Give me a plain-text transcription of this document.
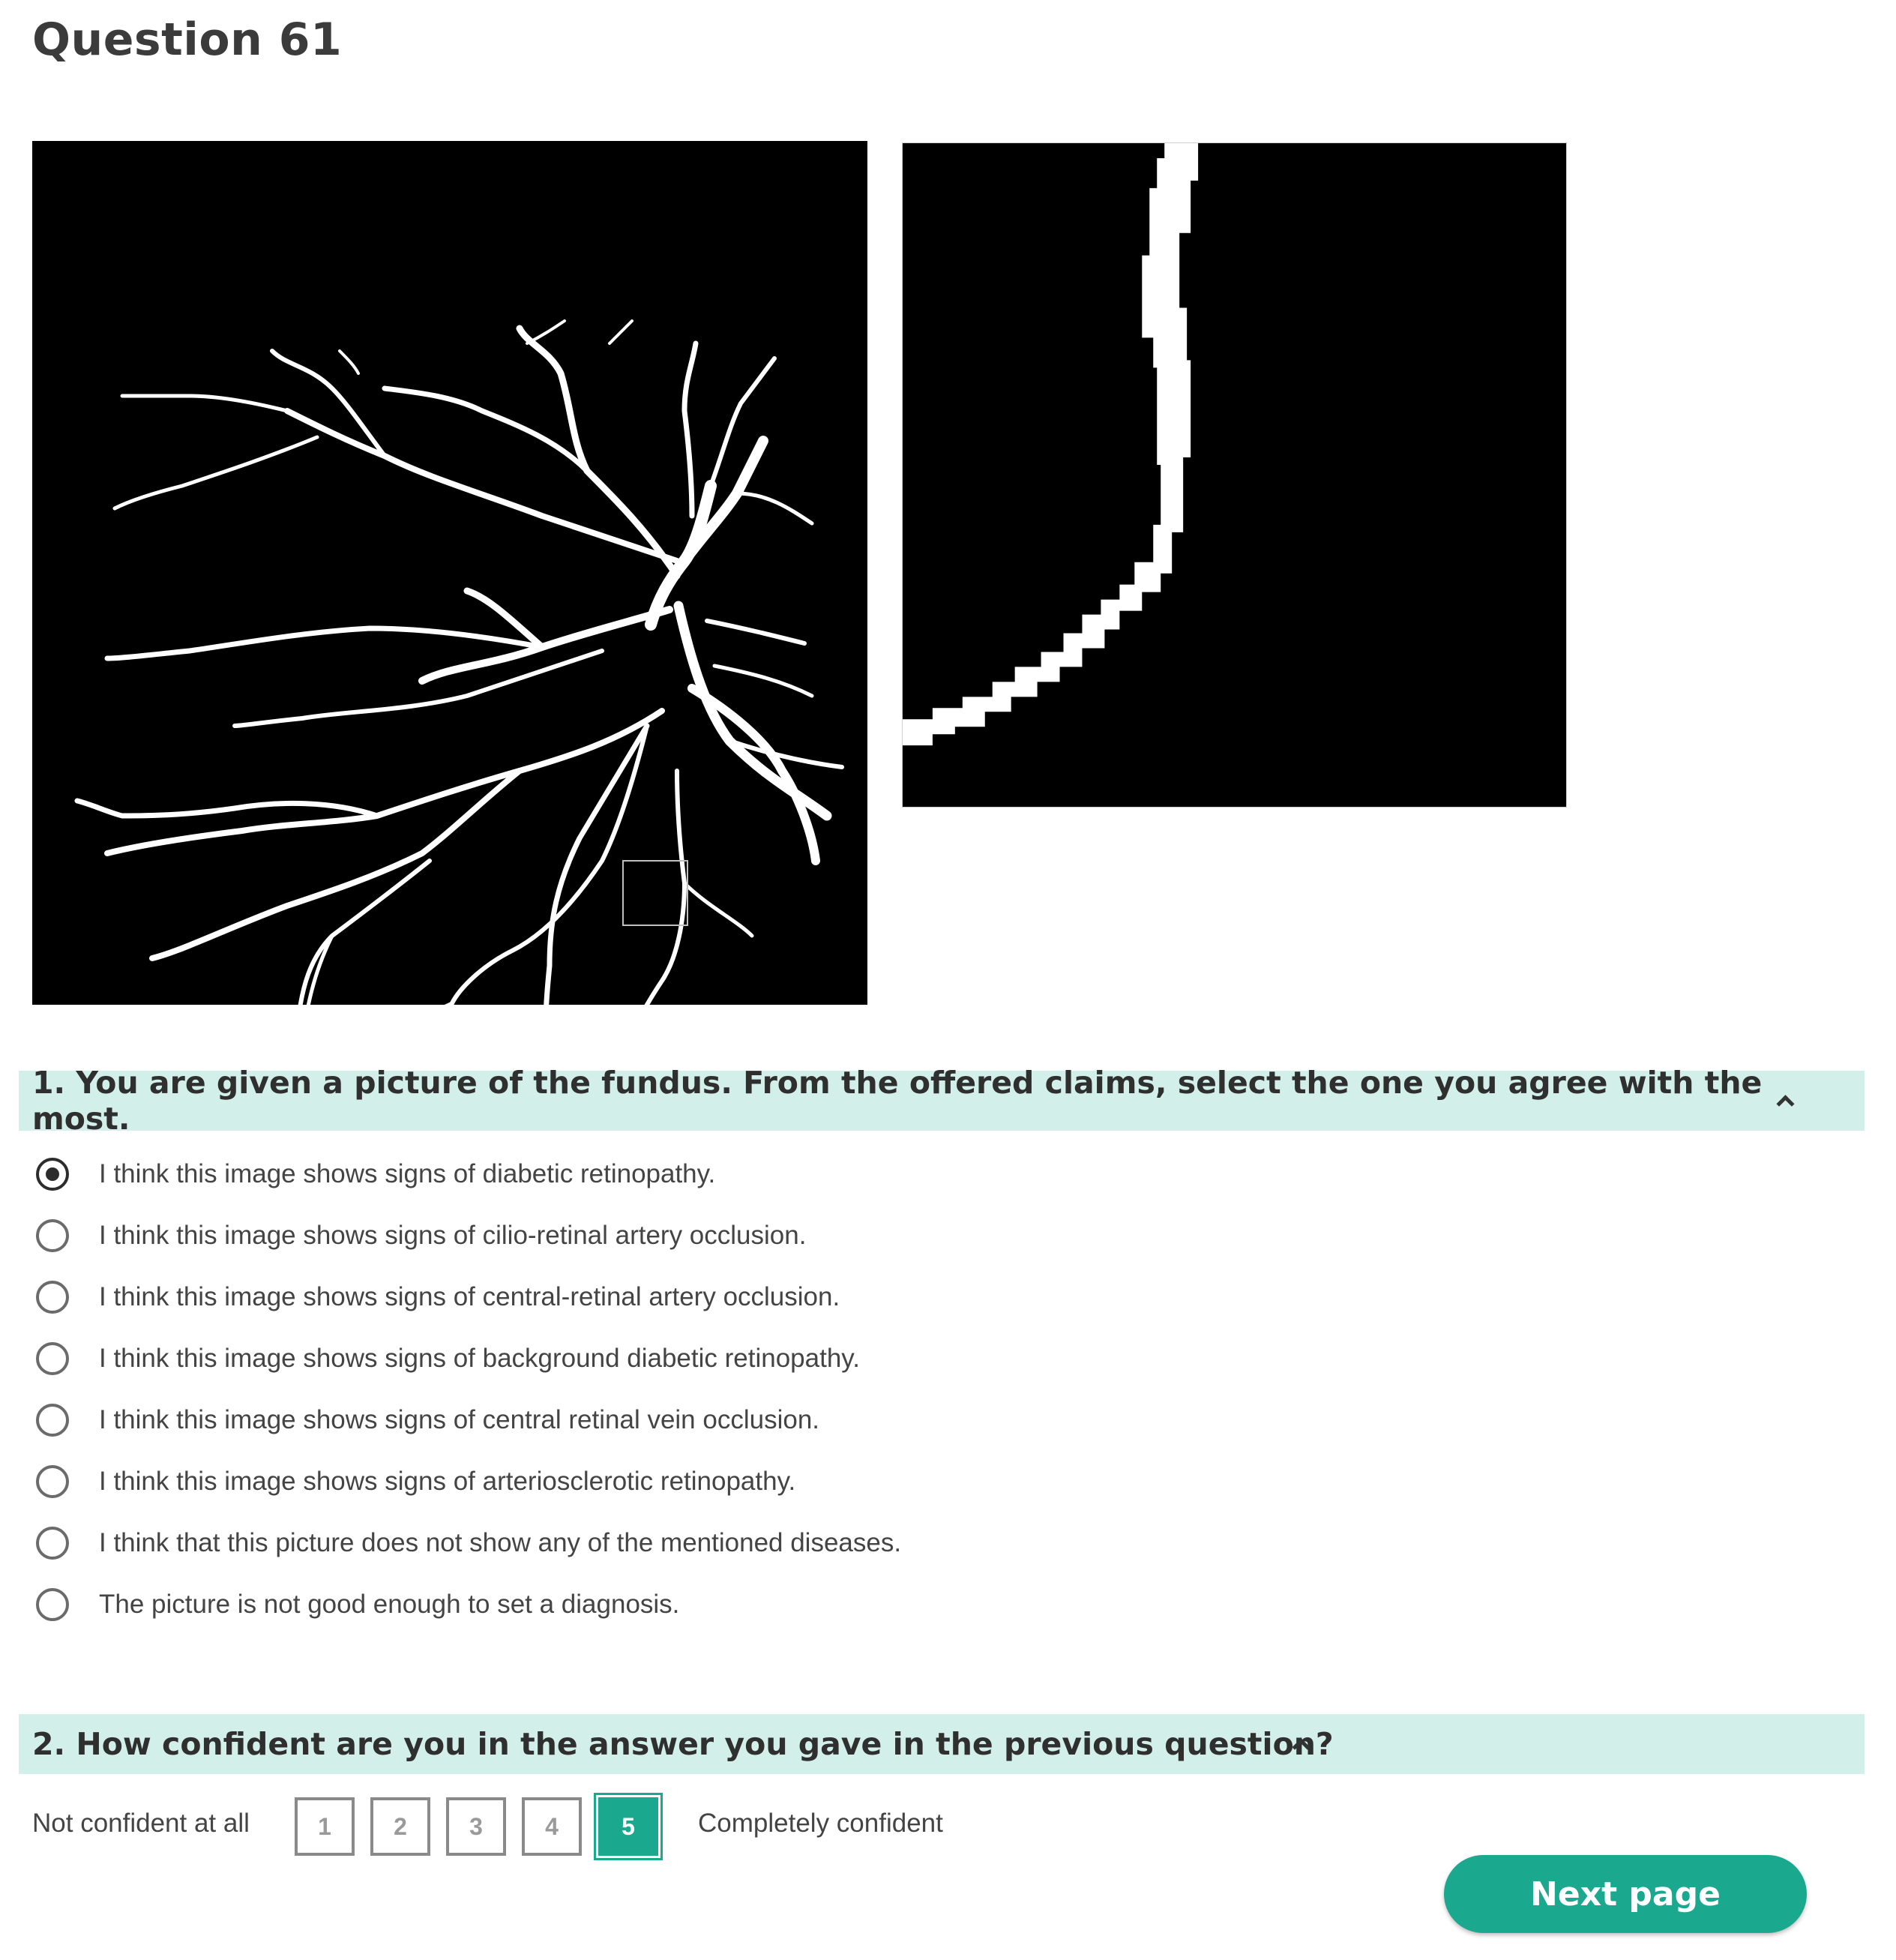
Question 61
1. You are given a picture of the fundus. From the offered claims, select the one you agree with the most.
I think this image shows signs of diabetic retinopathy.
I think this image shows signs of cilio-retinal artery occlusion.
I think this image shows signs of central-retinal artery occlusion.
I think this image shows signs of background diabetic retinopathy.
I think this image shows signs of central retinal vein occlusion.
I think this image shows signs of arteriosclerotic retinopathy.
I think that this picture does not show any of the mentioned diseases.
The picture is not good enough to set a diagnosis.
2. How confident are you in the answer you gave in the previous question?
Not confident at all	1	2	3	4	5	Completely confident
Next page
